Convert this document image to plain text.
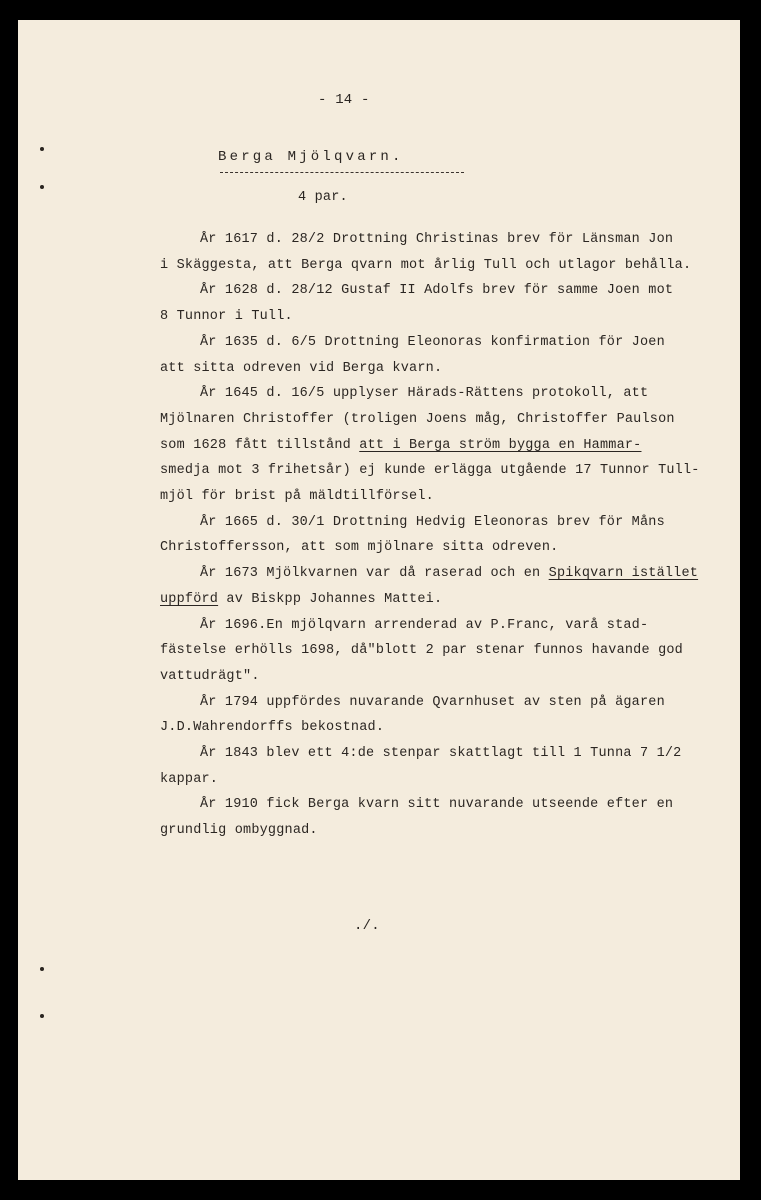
- 14 -
Berga Mjölqvarn.
4 par.
År 1617 d. 28/2 Drottning Christinas brev för Länsman Jon
i Skäggesta, att Berga qvarn mot årlig Tull och utlagor behålla.
År 1628 d. 28/12 Gustaf II Adolfs brev för samme Joen mot
8 Tunnor i Tull.
År 1635 d. 6/5 Drottning Eleonoras konfirmation för Joen
att sitta odreven vid Berga kvarn.
År 1645 d. 16/5 upplyser Härads-Rättens protokoll, att
Mjölnaren Christoffer (troligen Joens måg, Christoffer Paulson
som 1628 fått tillstånd att i Berga ström bygga en Hammar-
smedja mot 3 frihetsår) ej kunde erlägga utgående 17 Tunnor Tull-
mjöl för brist på mäldtillförsel.
År 1665 d. 30/1 Drottning Hedvig Eleonoras brev för Måns
Christoffersson, att som mjölnare sitta odreven.
År 1673 Mjölkvarnen var då raserad och en Spikqvarn istället
uppförd av Biskpp Johannes Mattei.
År 1696.En mjölqvarn arrenderad av P.Franc, varå stad-
fästelse erhölls 1698, då"blott 2 par stenar funnos havande god
vattudrägt".
År 1794 uppfördes nuvarande Qvarnhuset av sten på ägaren
J.D.Wahrendorffs bekostnad.
År 1843 blev ett 4:de stenpar skattlagt till 1 Tunna 7 1/2
kappar.
År 1910 fick Berga kvarn sitt nuvarande utseende efter en
grundlig ombyggnad.
./.
